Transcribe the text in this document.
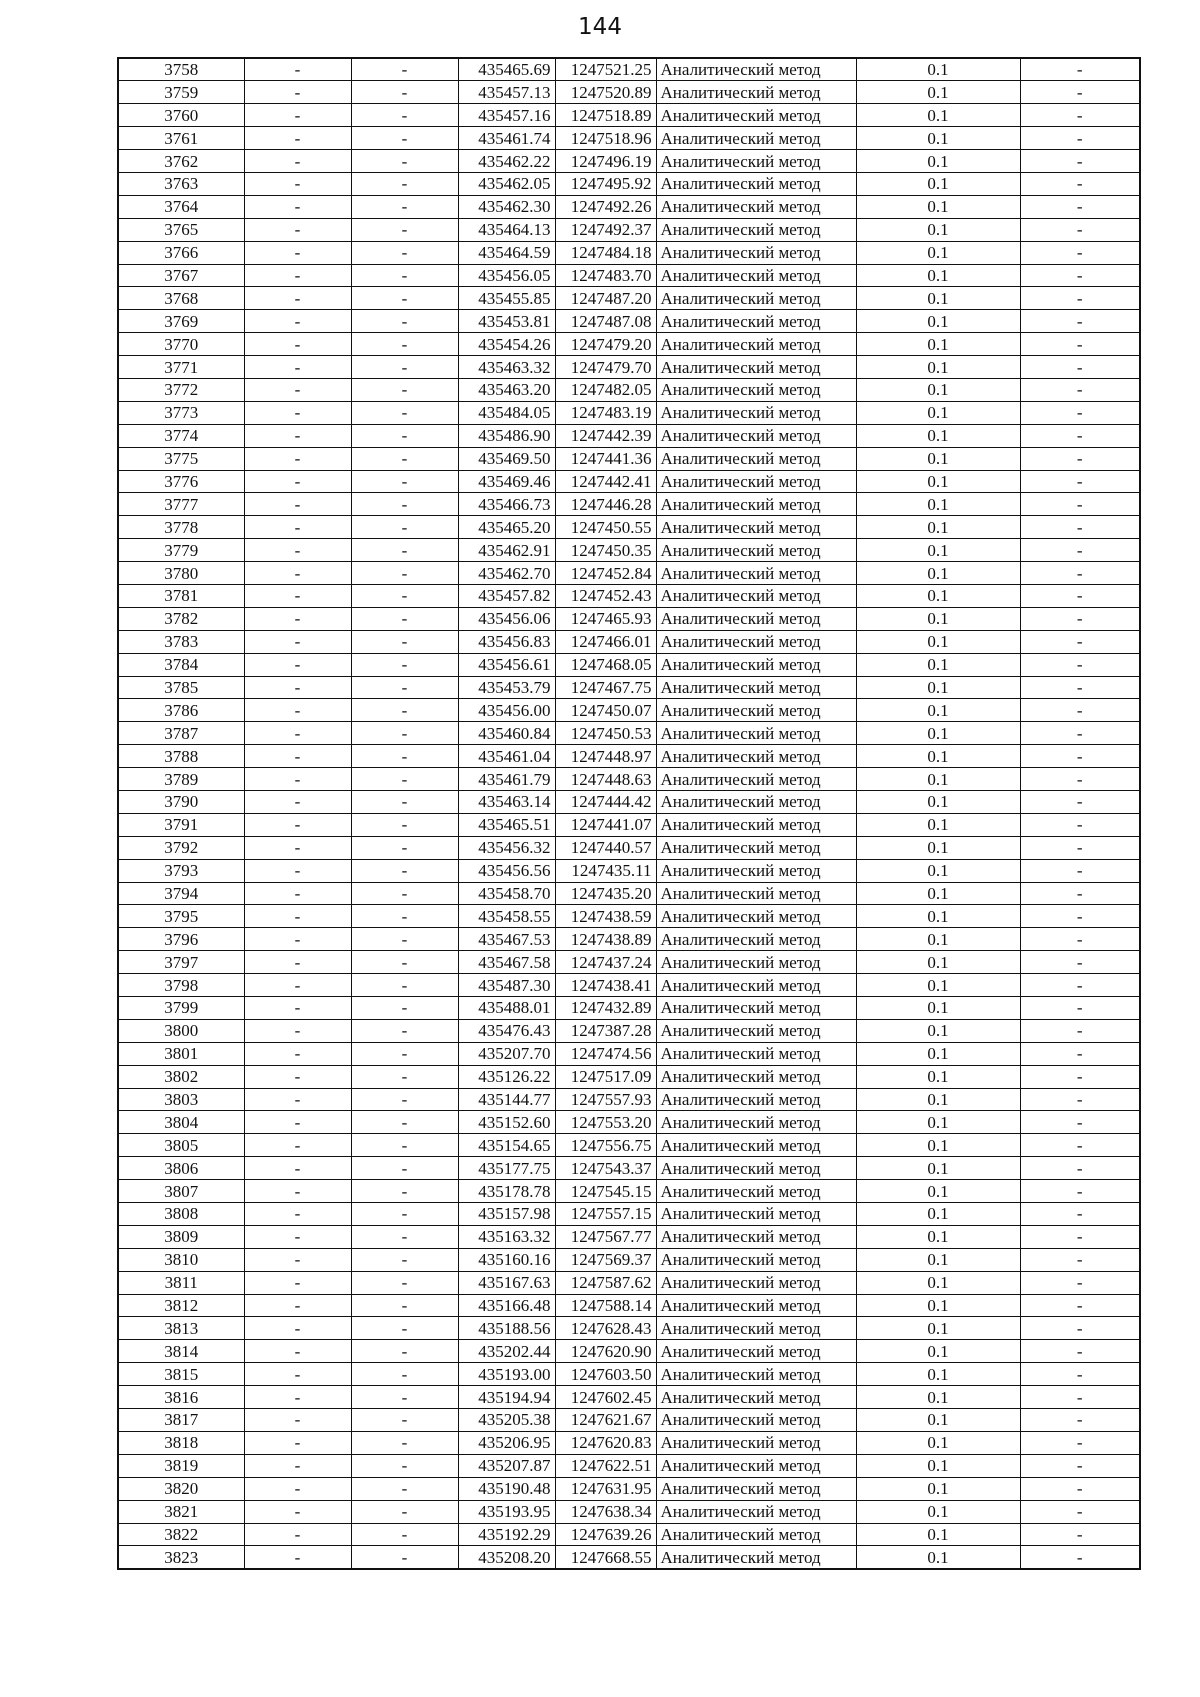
144
3758	-	-	435465.69	1247521.25	Аналитический метод	0.1	-
3759	-	-	435457.13	1247520.89	Аналитический метод	0.1	-
3760	-	-	435457.16	1247518.89	Аналитический метод	0.1	-
3761	-	-	435461.74	1247518.96	Аналитический метод	0.1	-
3762	-	-	435462.22	1247496.19	Аналитический метод	0.1	-
3763	-	-	435462.05	1247495.92	Аналитический метод	0.1	-
3764	-	-	435462.30	1247492.26	Аналитический метод	0.1	-
3765	-	-	435464.13	1247492.37	Аналитический метод	0.1	-
3766	-	-	435464.59	1247484.18	Аналитический метод	0.1	-
3767	-	-	435456.05	1247483.70	Аналитический метод	0.1	-
3768	-	-	435455.85	1247487.20	Аналитический метод	0.1	-
3769	-	-	435453.81	1247487.08	Аналитический метод	0.1	-
3770	-	-	435454.26	1247479.20	Аналитический метод	0.1	-
3771	-	-	435463.32	1247479.70	Аналитический метод	0.1	-
3772	-	-	435463.20	1247482.05	Аналитический метод	0.1	-
3773	-	-	435484.05	1247483.19	Аналитический метод	0.1	-
3774	-	-	435486.90	1247442.39	Аналитический метод	0.1	-
3775	-	-	435469.50	1247441.36	Аналитический метод	0.1	-
3776	-	-	435469.46	1247442.41	Аналитический метод	0.1	-
3777	-	-	435466.73	1247446.28	Аналитический метод	0.1	-
3778	-	-	435465.20	1247450.55	Аналитический метод	0.1	-
3779	-	-	435462.91	1247450.35	Аналитический метод	0.1	-
3780	-	-	435462.70	1247452.84	Аналитический метод	0.1	-
3781	-	-	435457.82	1247452.43	Аналитический метод	0.1	-
3782	-	-	435456.06	1247465.93	Аналитический метод	0.1	-
3783	-	-	435456.83	1247466.01	Аналитический метод	0.1	-
3784	-	-	435456.61	1247468.05	Аналитический метод	0.1	-
3785	-	-	435453.79	1247467.75	Аналитический метод	0.1	-
3786	-	-	435456.00	1247450.07	Аналитический метод	0.1	-
3787	-	-	435460.84	1247450.53	Аналитический метод	0.1	-
3788	-	-	435461.04	1247448.97	Аналитический метод	0.1	-
3789	-	-	435461.79	1247448.63	Аналитический метод	0.1	-
3790	-	-	435463.14	1247444.42	Аналитический метод	0.1	-
3791	-	-	435465.51	1247441.07	Аналитический метод	0.1	-
3792	-	-	435456.32	1247440.57	Аналитический метод	0.1	-
3793	-	-	435456.56	1247435.11	Аналитический метод	0.1	-
3794	-	-	435458.70	1247435.20	Аналитический метод	0.1	-
3795	-	-	435458.55	1247438.59	Аналитический метод	0.1	-
3796	-	-	435467.53	1247438.89	Аналитический метод	0.1	-
3797	-	-	435467.58	1247437.24	Аналитический метод	0.1	-
3798	-	-	435487.30	1247438.41	Аналитический метод	0.1	-
3799	-	-	435488.01	1247432.89	Аналитический метод	0.1	-
3800	-	-	435476.43	1247387.28	Аналитический метод	0.1	-
3801	-	-	435207.70	1247474.56	Аналитический метод	0.1	-
3802	-	-	435126.22	1247517.09	Аналитический метод	0.1	-
3803	-	-	435144.77	1247557.93	Аналитический метод	0.1	-
3804	-	-	435152.60	1247553.20	Аналитический метод	0.1	-
3805	-	-	435154.65	1247556.75	Аналитический метод	0.1	-
3806	-	-	435177.75	1247543.37	Аналитический метод	0.1	-
3807	-	-	435178.78	1247545.15	Аналитический метод	0.1	-
3808	-	-	435157.98	1247557.15	Аналитический метод	0.1	-
3809	-	-	435163.32	1247567.77	Аналитический метод	0.1	-
3810	-	-	435160.16	1247569.37	Аналитический метод	0.1	-
3811	-	-	435167.63	1247587.62	Аналитический метод	0.1	-
3812	-	-	435166.48	1247588.14	Аналитический метод	0.1	-
3813	-	-	435188.56	1247628.43	Аналитический метод	0.1	-
3814	-	-	435202.44	1247620.90	Аналитический метод	0.1	-
3815	-	-	435193.00	1247603.50	Аналитический метод	0.1	-
3816	-	-	435194.94	1247602.45	Аналитический метод	0.1	-
3817	-	-	435205.38	1247621.67	Аналитический метод	0.1	-
3818	-	-	435206.95	1247620.83	Аналитический метод	0.1	-
3819	-	-	435207.87	1247622.51	Аналитический метод	0.1	-
3820	-	-	435190.48	1247631.95	Аналитический метод	0.1	-
3821	-	-	435193.95	1247638.34	Аналитический метод	0.1	-
3822	-	-	435192.29	1247639.26	Аналитический метод	0.1	-
3823	-	-	435208.20	1247668.55	Аналитический метод	0.1	-
